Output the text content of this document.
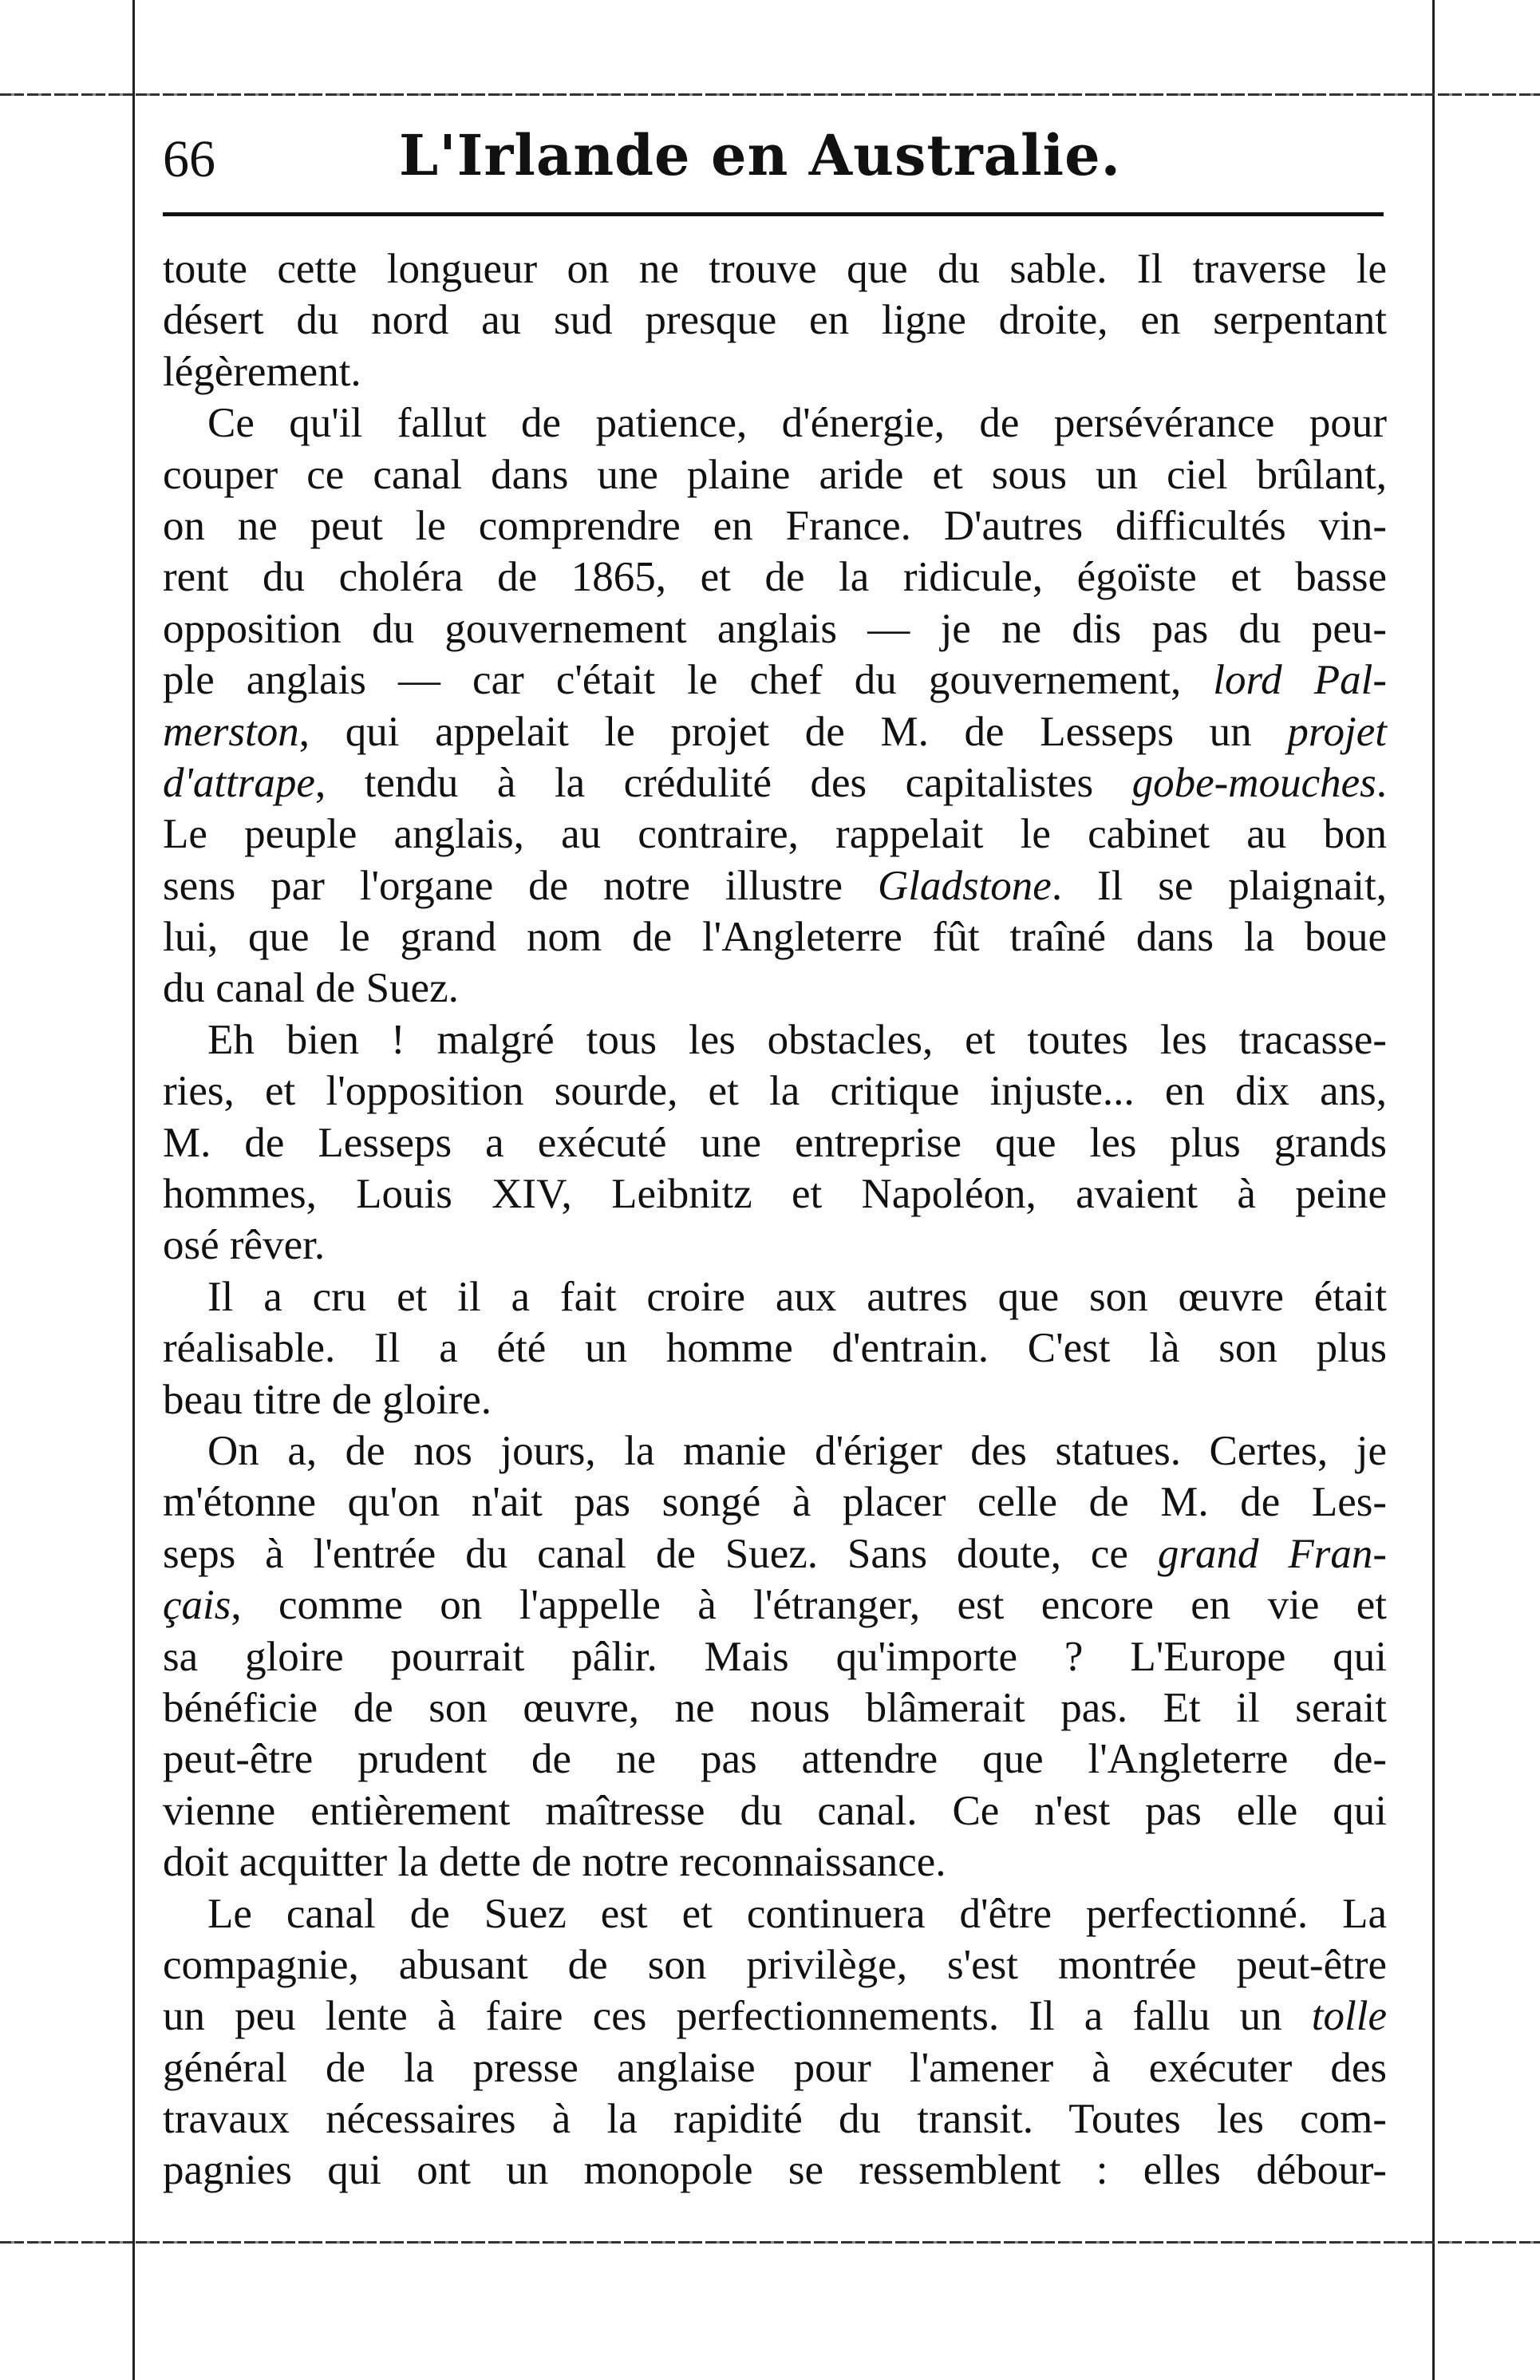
66	L'Irlande en Australie.
toute cette longueur on ne trouve que du sable. Il traverse le
désert du nord au sud presque en ligne droite, en serpentant
légèrement.
Ce qu'il fallut de patience, d'énergie, de persévérance pour
couper ce canal dans une plaine aride et sous un ciel brûlant,
on ne peut le comprendre en France. D'autres difficultés vin-
rent du choléra de 1865, et de la ridicule, égoïste et basse
opposition du gouvernement anglais — je ne dis pas du peu-
ple anglais — car c'était le chef du gouvernement, lord Pal-
merston, qui appelait le projet de M. de Lesseps un projet
d'attrape, tendu à la crédulité des capitalistes gobe-mouches.
Le peuple anglais, au contraire, rappelait le cabinet au bon
sens par l'organe de notre illustre Gladstone. Il se plaignait,
lui, que le grand nom de l'Angleterre fût traîné dans la boue
du canal de Suez.
Eh bien ! malgré tous les obstacles, et toutes les tracasse-
ries, et l'opposition sourde, et la critique injuste... en dix ans,
M. de Lesseps a exécuté une entreprise que les plus grands
hommes, Louis XIV, Leibnitz et Napoléon, avaient à peine
osé rêver.
Il a cru et il a fait croire aux autres que son œuvre était
réalisable. Il a été un homme d'entrain. C'est là son plus
beau titre de gloire.
On a, de nos jours, la manie d'ériger des statues. Certes, je
m'étonne qu'on n'ait pas songé à placer celle de M. de Les-
seps à l'entrée du canal de Suez. Sans doute, ce grand Fran-
çais, comme on l'appelle à l'étranger, est encore en vie et
sa gloire pourrait pâlir. Mais qu'importe ? L'Europe qui
bénéficie de son œuvre, ne nous blâmerait pas. Et il serait
peut-être prudent de ne pas attendre que l'Angleterre de-
vienne entièrement maîtresse du canal. Ce n'est pas elle qui
doit acquitter la dette de notre reconnaissance.
Le canal de Suez est et continuera d'être perfectionné. La
compagnie, abusant de son privilège, s'est montrée peut-être
un peu lente à faire ces perfectionnements. Il a fallu un tolle
général de la presse anglaise pour l'amener à exécuter des
travaux nécessaires à la rapidité du transit. Toutes les com-
pagnies qui ont un monopole se ressemblent : elles débour-
